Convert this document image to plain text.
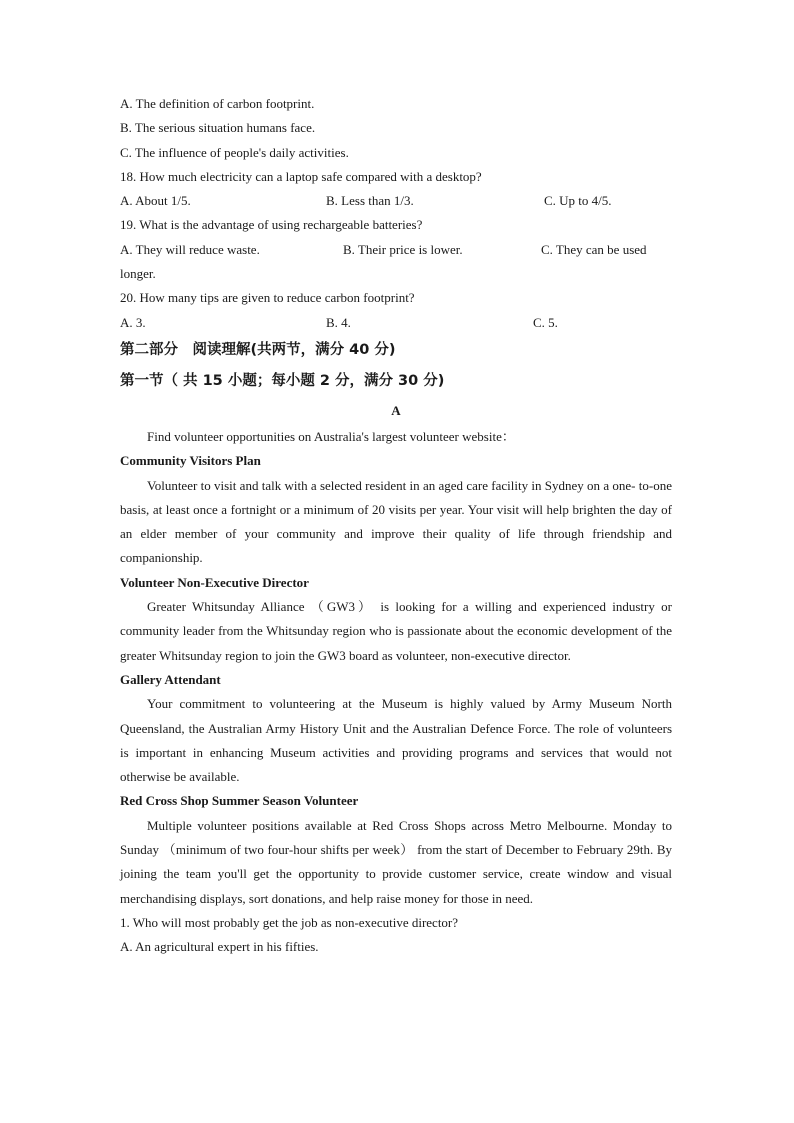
A. The definition of carbon footprint.
B. The serious situation humans face.
C. The influence of people's daily activities.
18. How much electricity can a laptop safe compared with a desktop?
A. About 1/5.	B. Less than 1/3.	C. Up to 4/5.
19. What is the advantage of using rechargeable batteries?
A. They will reduce waste.	B. Their price is lower.	C. They can be used
longer.
20. How many tips are given to reduce carbon footprint?
A. 3.	B. 4.	C. 5.
第二部分　阅读理解(共两节，满分 40 分)
第一节（ 共 15 小题；每小题 2 分，满分 30 分)
A
Find volunteer opportunities on Australia's largest volunteer website：
Community Visitors Plan
Volunteer to visit and talk with a selected resident in an aged care facility in Sydney on a one- to-one basis, at least once a fortnight or a minimum of 20 visits per year. Your visit will help brighten the day of an elder member of your community and improve their quality of life through friendship and companionship.
Volunteer Non-Executive Director
Greater Whitsunday Alliance （GW3） is looking for a willing and experienced industry or community leader from the Whitsunday region who is passionate about the economic development of the greater Whitsunday region to join the GW3 board as volunteer, non-executive director.
Gallery Attendant
Your commitment to volunteering at the Museum is highly valued by Army Museum North Queensland, the Australian Army History Unit and the Australian Defence Force. The role of volunteers is important in enhancing Museum activities and providing programs and services that would not otherwise be available.
Red Cross Shop Summer Season Volunteer
Multiple volunteer positions available at Red Cross Shops across Metro Melbourne. Monday to Sunday （minimum of two four-hour shifts per week） from the start of December to February 29th. By joining the team you'll get the opportunity to provide customer service, create window and visual merchandising displays, sort donations, and help raise money for those in need.
1. Who will most probably get the job as non-executive director?
A. An agricultural expert in his fifties.
